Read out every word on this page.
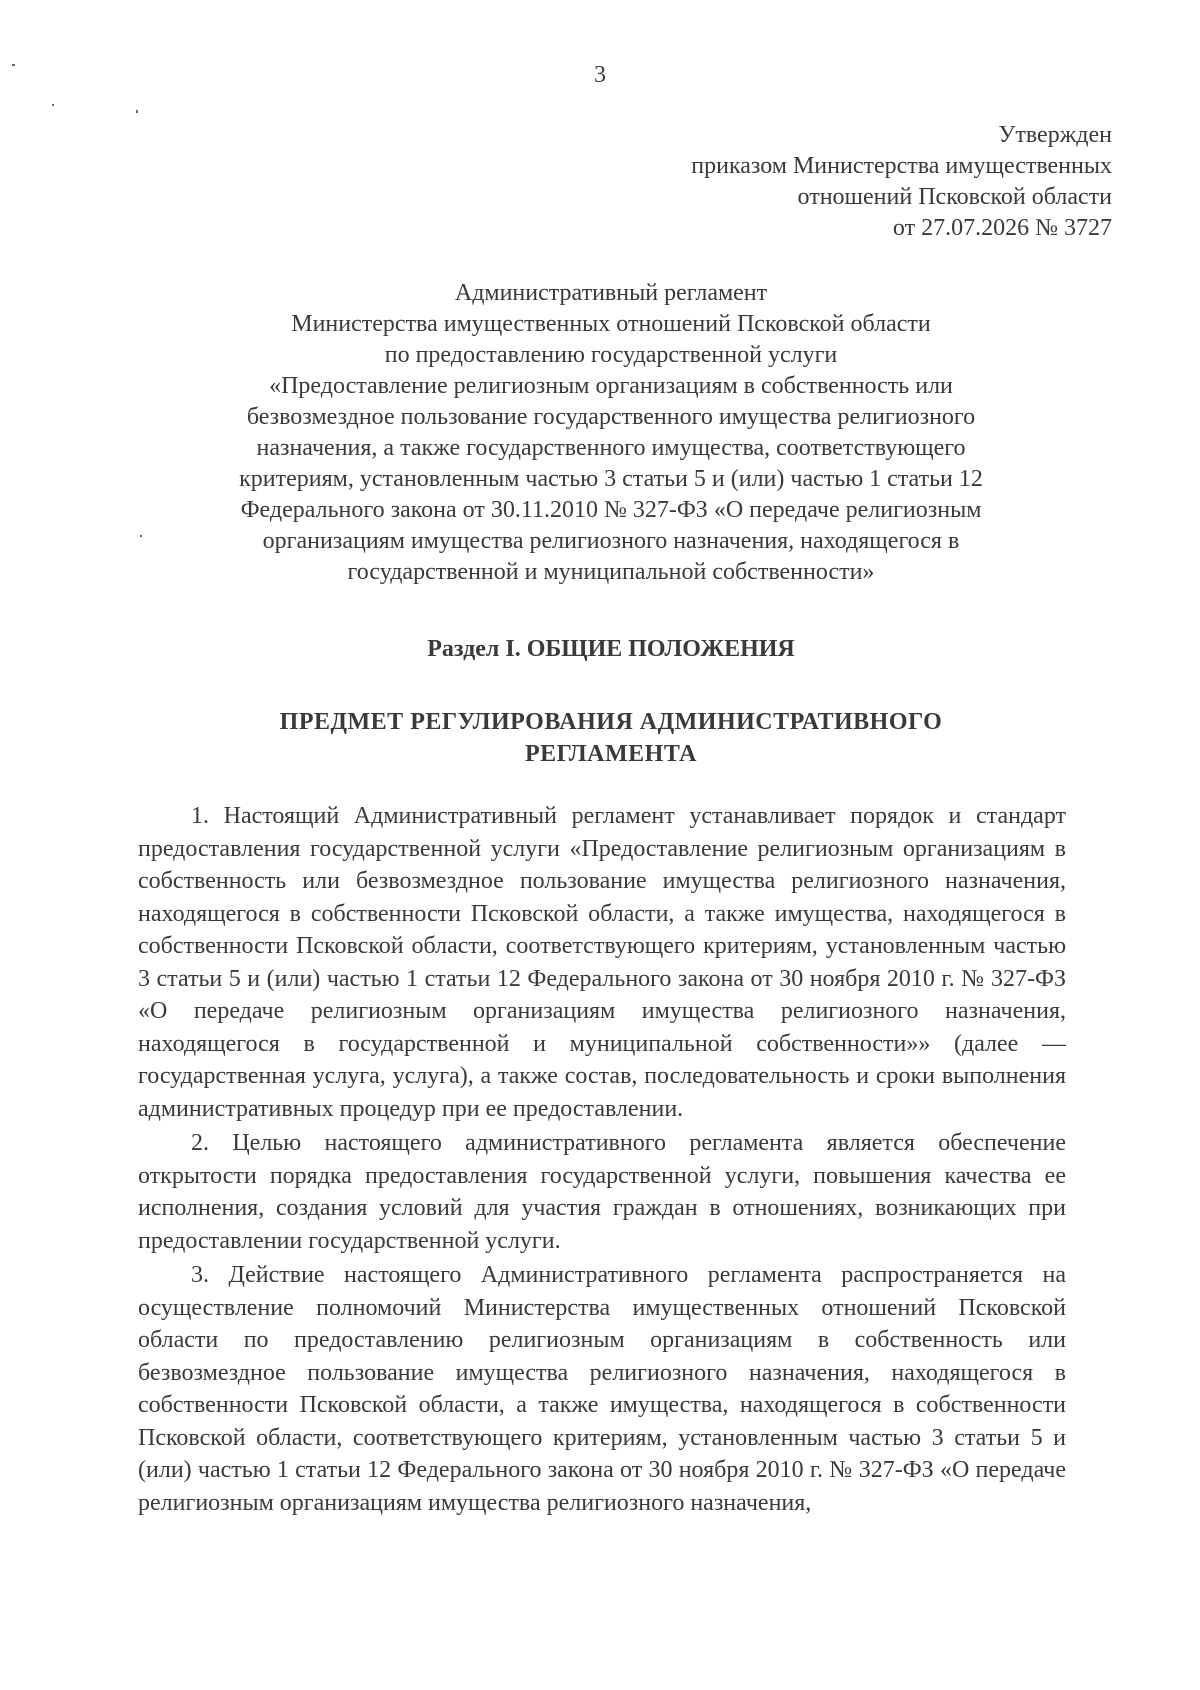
3
Утвержден
приказом Министерства имущественных
отношений Псковской области
от 27.07.2026 № 3727
Административный регламент
Министерства имущественных отношений Псковской области
по предоставлению государственной услуги
«Предоставление религиозным организациям в собственность или
безвозмездное пользование государственного имущества религиозного
назначения, а также государственного имущества, соответствующего
критериям, установленным частью 3 статьи 5 и (или) частью 1 статьи 12
Федерального закона от 30.11.2010 № 327-ФЗ «О передаче религиозным
организациям имущества религиозного назначения, находящегося в
государственной и муниципальной собственности»
Раздел I. ОБЩИЕ ПОЛОЖЕНИЯ
ПРЕДМЕТ РЕГУЛИРОВАНИЯ АДМИНИСТРАТИВНОГО
РЕГЛАМЕНТА

1. Настоящий Административный регламент устанавливает порядок и стандарт предоставления государственной услуги «Предоставление религиозным организациям в собственность или безвозмездное пользование имущества религиозного назначения, находящегося в собственности Псковской области, а также имущества, находящегося в собственности Псковской области, соответствующего критериям, установленным частью 3 статьи 5 и (или) частью 1 статьи 12 Федерального закона от 30 ноября 2010 г. № 327-ФЗ «О передаче религиозным организациям имущества религиозного назначения, находящегося в государственной и муниципальной собственности»» (далее — государственная услуга, услуга), а также состав, последовательность и сроки выполнения административных процедур при ее предоставлении.

2. Целью настоящего административного регламента является обеспечение открытости порядка предоставления государственной услуги, повышения качества ее исполнения, создания условий для участия граждан в отношениях, возникающих при предоставлении государственной услуги.

3. Действие настоящего Административного регламента распространяется на осуществление полномочий Министерства имущественных отношений Псковской области по предоставлению религиозным организациям в собственность или безвозмездное пользование имущества религиозного назначения, находящегося в собственности Псковской области, а также имущества, находящегося в собственности Псковской области, соответствующего критериям, установленным частью 3 статьи 5 и (или) частью 1 статьи 12 Федерального закона от 30 ноября 2010 г. № 327-ФЗ «О передаче религиозным организациям имущества религиозного назначения,
